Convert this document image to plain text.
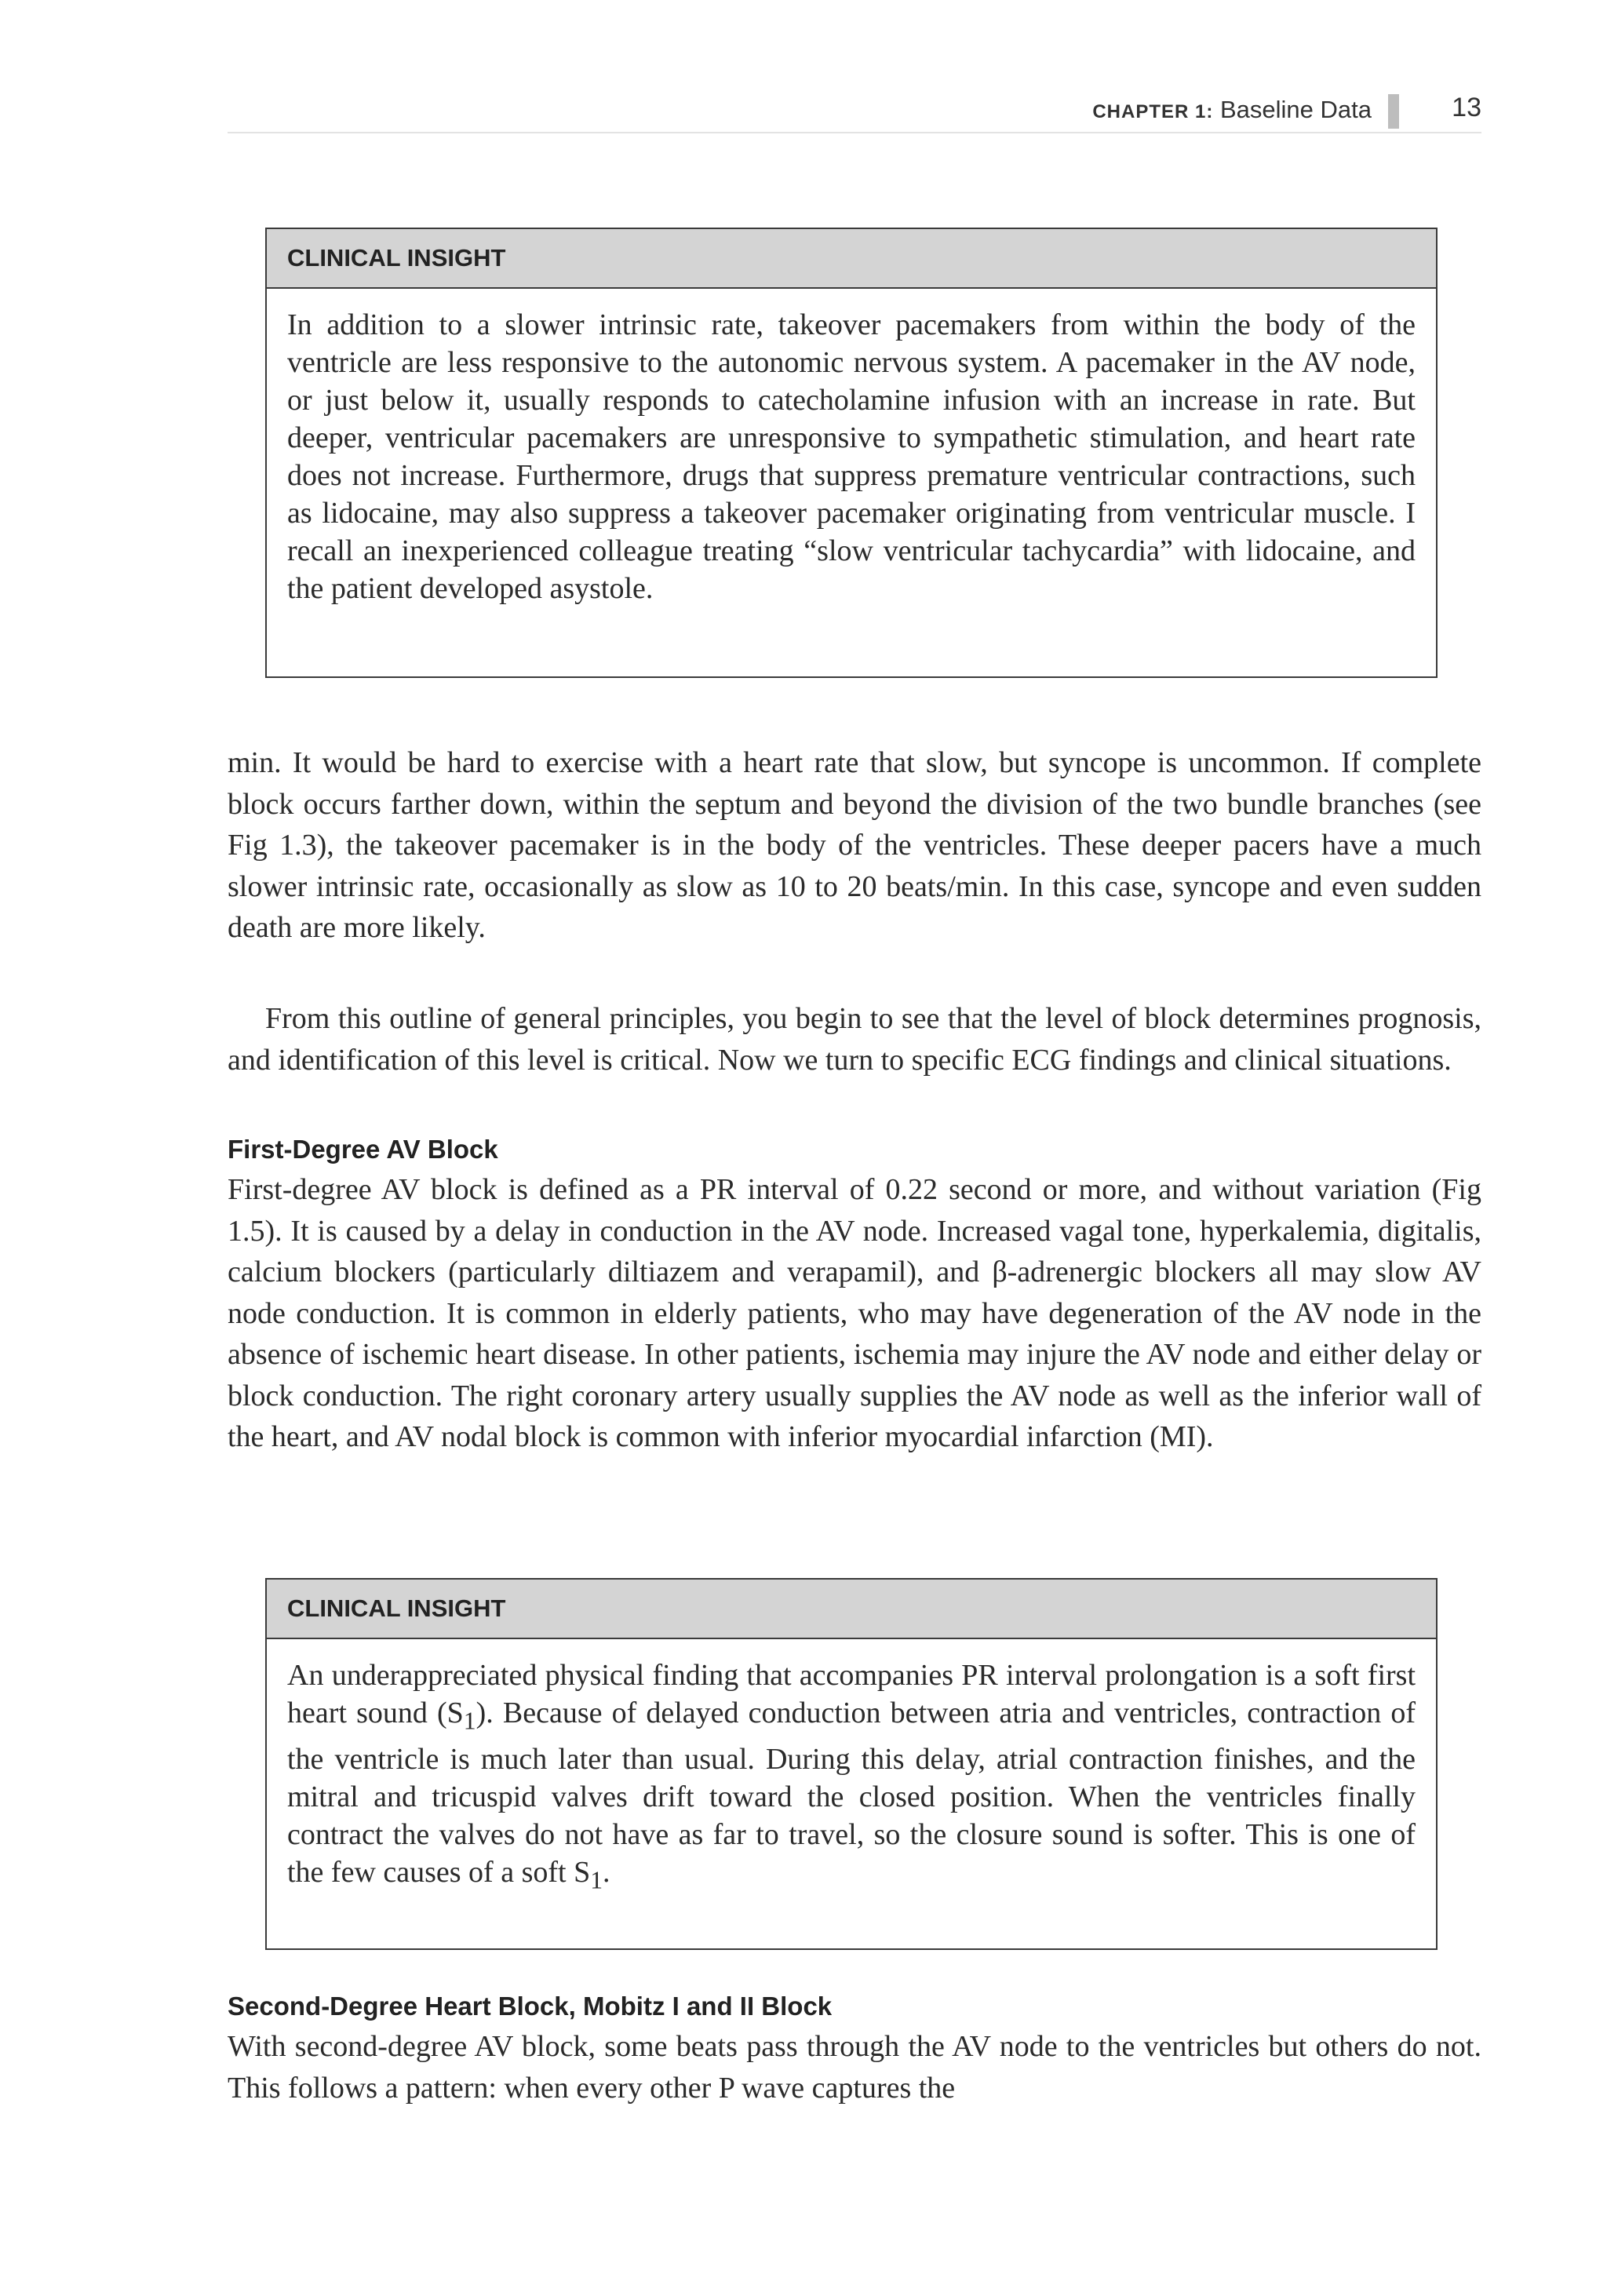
CHAPTER 1: Baseline Data	13
CLINICAL INSIGHT
In addition to a slower intrinsic rate, takeover pacemakers from within the body of the ventricle are less responsive to the autonomic nervous system. A pacemaker in the AV node, or just below it, usually responds to catecholamine infusion with an increase in rate. But deeper, ventricular pacemakers are unresponsive to sympathetic stimulation, and heart rate does not increase. Furthermore, drugs that suppress premature ventricular contractions, such as lidocaine, may also suppress a takeover pacemaker originating from ventricular muscle. I recall an inexperienced colleague treating “slow ventricular tachycardia” with lidocaine, and the patient developed asystole.

min. It would be hard to exercise with a heart rate that slow, but syncope is uncommon. If complete block occurs farther down, within the septum and beyond the division of the two bundle branches (see Fig 1.3), the takeover pacemaker is in the body of the ventricles. These deeper pacers have a much slower intrinsic rate, occasionally as slow as 10 to 20 beats/min. In this case, syncope and even sudden death are more likely.

From this outline of general principles, you begin to see that the level of block determines prognosis, and identification of this level is critical. Now we turn to specific ECG findings and clinical situations.

First-Degree AV Block

First-degree AV block is defined as a PR interval of 0.22 second or more, and without variation (Fig 1.5). It is caused by a delay in conduction in the AV node. Increased vagal tone, hyperkalemia, digitalis, calcium blockers (particularly diltiazem and verapamil), and β-adrenergic blockers all may slow AV node conduction. It is common in elderly patients, who may have degeneration of the AV node in the absence of ischemic heart disease. In other patients, ischemia may injure the AV node and either delay or block conduction. The right coronary artery usually supplies the AV node as well as the inferior wall of the heart, and AV nodal block is common with inferior myocardial infarction (MI).

CLINICAL INSIGHT
An underappreciated physical finding that accompanies PR interval prolongation is a soft first heart sound $(S_1)$. Because of delayed conduction between atria and ventricles, contraction of the ventricle is much later than usual. During this delay, atrial contraction finishes, and the mitral and tricuspid valves drift toward the closed position. When the ventricles finally contract the valves do not have as far to travel, so the closure sound is softer. This is one of the few causes of a soft $S_1$.
Second-Degree Heart Block, Mobitz I and II Block

With second-degree AV block, some beats pass through the AV node to the ventricles but others do not. This follows a pattern: when every other P wave captures the
